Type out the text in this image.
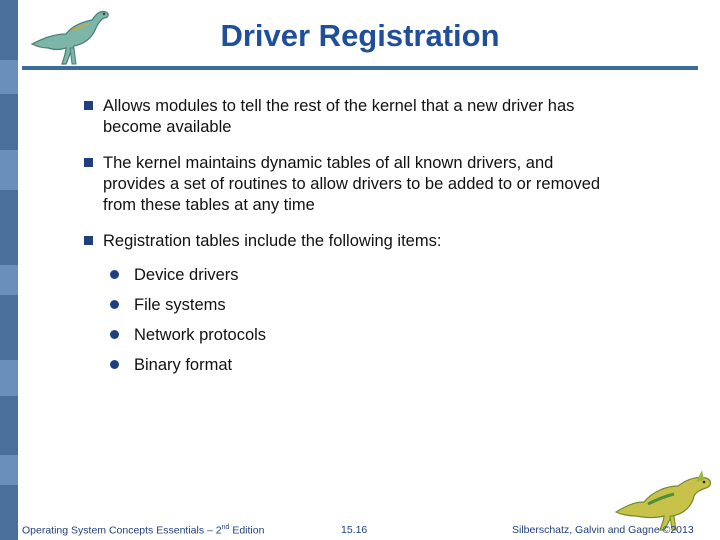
Driver Registration
Allows modules to tell the rest of the kernel that a new driver has become available
The kernel maintains dynamic tables of all known drivers, and provides a set of routines to allow drivers to be added to or removed from these tables at any time
Registration tables include the following items:
Device drivers
File systems
Network protocols
Binary format
Operating System Concepts Essentials – 2nd Edition	15.16	Silberschatz, Galvin and Gagne ©2013
